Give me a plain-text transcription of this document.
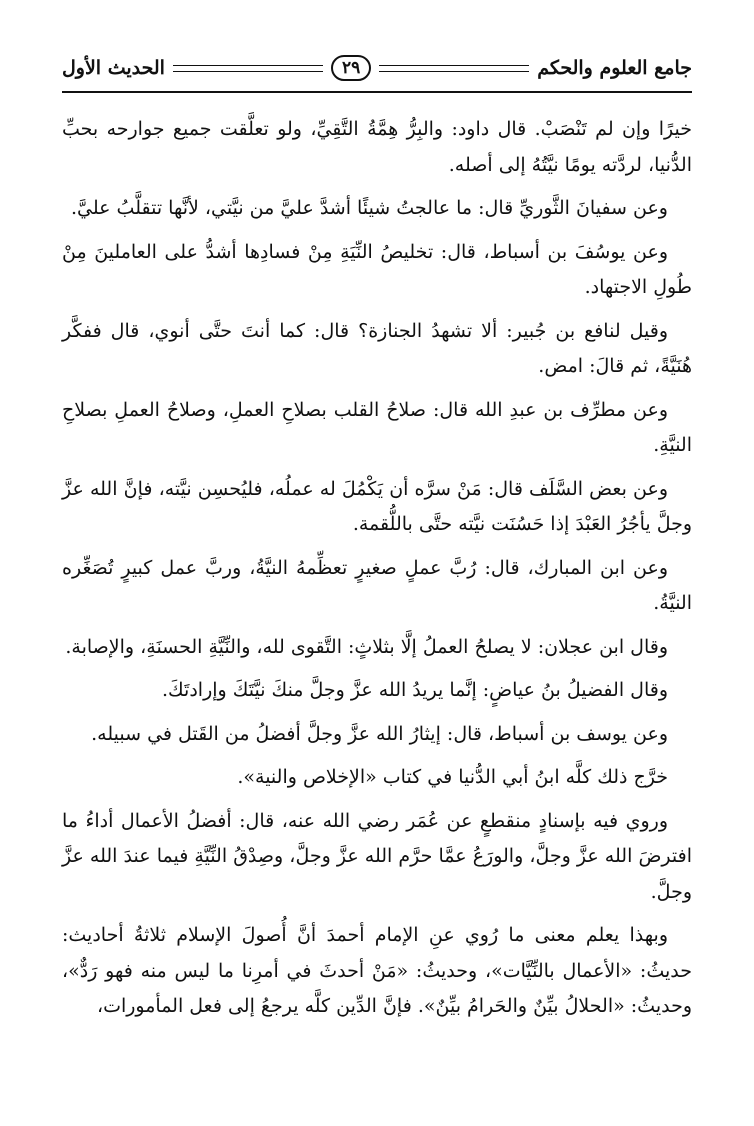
جامع العلوم والحكم
٢٩
الحديث الأول

خيرًا وإن لم تَنْصَبْ. قال داود: والبِرُّ هِمَّةُ التَّقِيِّ، ولو تعلَّقت جميع جوارحه بحبِّ الدُّنيا، لردَّته يومًا نيَّتُهُ إلى أصله.

وعن سفيانَ الثَّوريِّ قال: ما عالجتُ شيئًا أشدَّ عليَّ من نيَّتي، لأنَّها تتقلَّبُ عليَّ.

وعن يوسُفَ بن أسباط، قال: تخليصُ النِّيَةِ مِنْ فسادِها أشدُّ على العاملينَ مِنْ طُولِ الاجتهاد.

وقيل لنافع بن جُبير: ألا تشهدُ الجنازة؟ قال: كما أنتَ حتَّى أنوي، قال ففكَّر هُنَيَّةً، ثم قالَ: امض.

وعن مطرِّف بن عبدِ الله قال: صلاحُ القلب بصلاحِ العملِ، وصلاحُ العملِ بصلاحِ النيَّةِ.

وعن بعض السَّلَف قال: مَنْ سرَّه أن يَكْمُلَ له عملُه، فليُحسِن نيَّته، فإنَّ الله عزَّ وجلَّ يأجُرُ العَبْدَ إذا حَسُنَت نيَّته حتَّى باللُّقمة.

وعن ابن المبارك، قال: رُبَّ عملٍ صغيرٍ تعظِّمهُ النيَّةُ، وربَّ عمل كبيرٍ تُصَغِّره النيَّةُ.

وقال ابن عجلان: لا يصلحُ العملُ إلَّا بثلاثٍ: التَّقوى لله، والنِّيَّةِ الحسنَةِ، والإصابة.

وقال الفضيلُ بنُ عياضٍ: إنَّما يريدُ الله عزَّ وجلَّ منكَ نيَّتَكَ وإرادتَكَ.

وعن يوسف بن أسباط، قال: إيثارُ الله عزَّ وجلَّ أفضلُ من القَتل في سبيله.

خرَّج ذلك كلَّه ابنُ أبي الدُّنيا في كتاب «الإخلاص والنية».

وروي فيه بإسنادٍ منقطعٍ عن عُمَر رضي الله عنه، قال: أفضلُ الأعمال أداءُ ما افترضَ الله عزَّ وجلَّ، والورَعُ عمَّا حرَّم الله عزَّ وجلَّ، وصِدْقُ النِّيَّةِ فيما عندَ الله عزَّ وجلَّ.

وبهذا يعلم معنى ما رُوي عنِ الإمام أحمدَ أنَّ أُصولَ الإسلام ثلاثةُ أحاديث: حديثُ: «الأعمال بالنِّيَّات»، وحديثُ: «مَنْ أحدثَ في أمرِنا ما ليس منه فهو رَدٌّ»، وحديثُ: «الحلالُ بيِّنٌ والحَرامُ بيِّنٌ». فإنَّ الدِّين كلَّه يرجعُ إلى فعل المأمورات،
